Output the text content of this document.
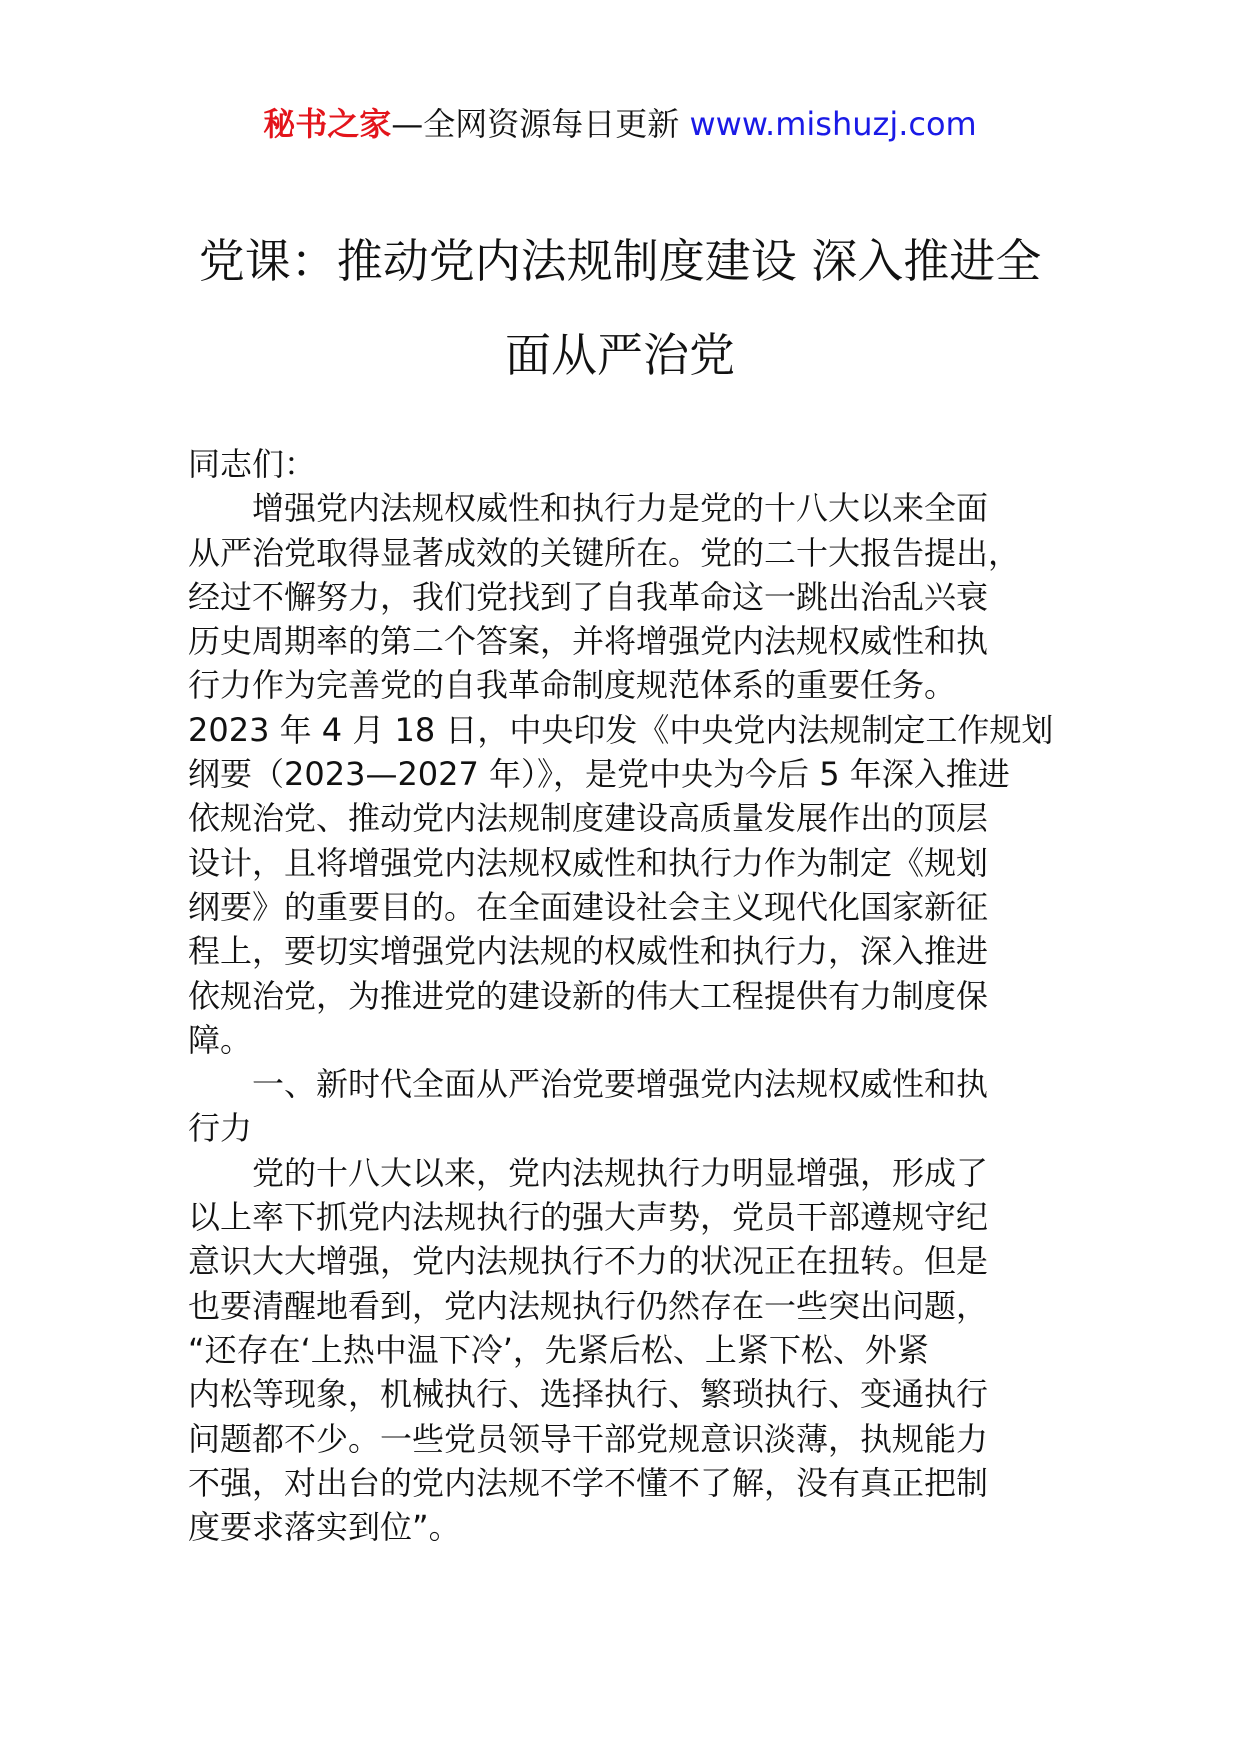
秘书之家—全网资源每日更新 www.mishuzj.com
党课：推动党内法规制度建设 深入推进全
面从严治党
同志们：
增强党内法规权威性和执行力是党的十八大以来全面
从严治党取得显著成效的关键所在。党的二十大报告提出，
经过不懈努力，我们党找到了自我革命这一跳出治乱兴衰
历史周期率的第二个答案，并将增强党内法规权威性和执
行力作为完善党的自我革命制度规范体系的重要任务。
2023 年 4 月 18 日，中央印发《中央党内法规制定工作规划
纲要（2023—2027 年）》，是党中央为今后 5 年深入推进
依规治党、推动党内法规制度建设高质量发展作出的顶层
设计，且将增强党内法规权威性和执行力作为制定《规划
纲要》的重要目的。在全面建设社会主义现代化国家新征
程上，要切实增强党内法规的权威性和执行力，深入推进
依规治党，为推进党的建设新的伟大工程提供有力制度保
障。
一、新时代全面从严治党要增强党内法规权威性和执
行力
党的十八大以来，党内法规执行力明显增强，形成了
以上率下抓党内法规执行的强大声势，党员干部遵规守纪
意识大大增强，党内法规执行不力的状况正在扭转。但是
也要清醒地看到，党内法规执行仍然存在一些突出问题，
“还存在‘上热中温下冷’，先紧后松、上紧下松、外紧
内松等现象，机械执行、选择执行、繁琐执行、变通执行
问题都不少。一些党员领导干部党规意识淡薄，执规能力
不强，对出台的党内法规不学不懂不了解，没有真正把制
度要求落实到位”。
